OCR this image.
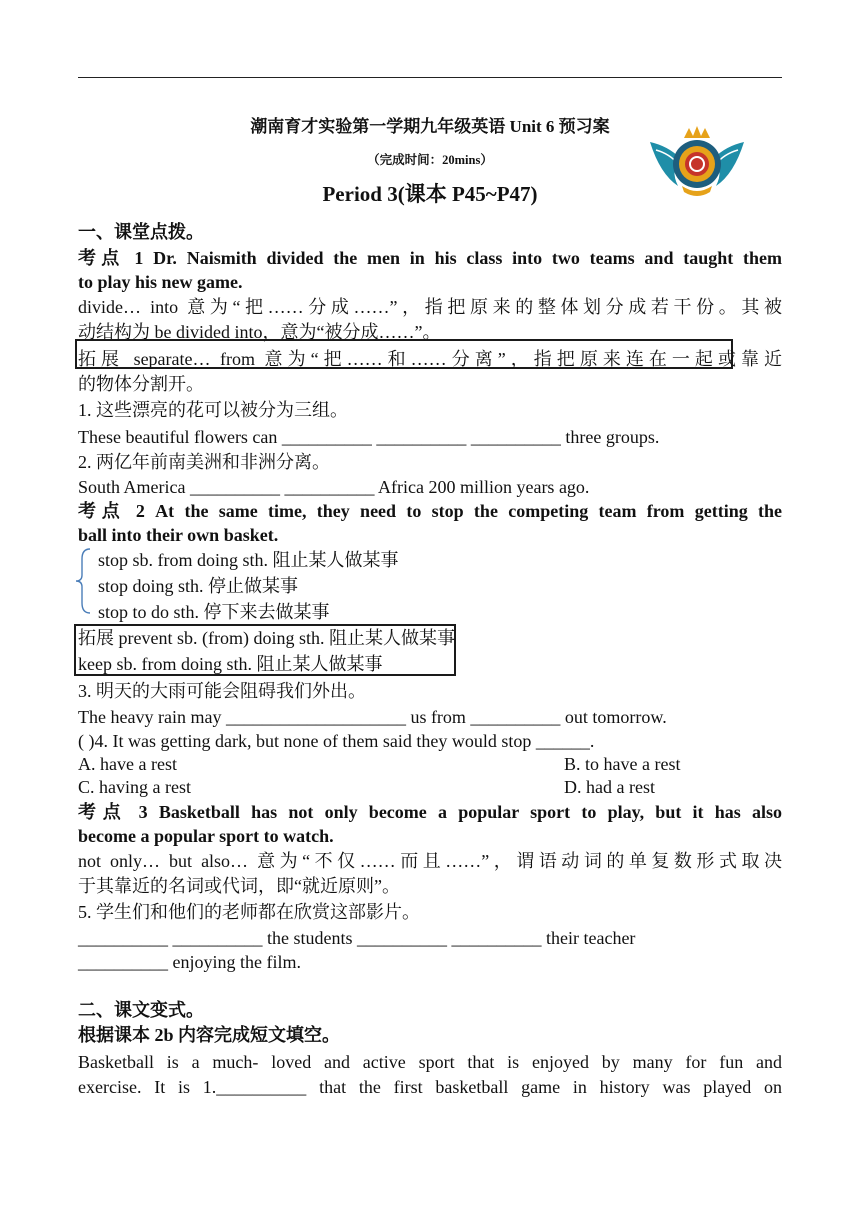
潮南育才实验第一学期九年级英语 Unit 6 预习案
（完成时间：20mins）
Period 3(课本 P45~P47)
一、课堂点拨。
考点 1 Dr. Naismith divided the men in his class into two teams and taught them
to play his new game.
divide… into 意为“把……分成……”，指把原来的整体划分成若干份。其被
动结构为 be divided into，意为“被分成……”。
拓展 separate… from 意为“把……和……分离”，指把原来连在一起或靠近
的物体分割开。
1. 这些漂亮的花可以被分为三组。
These beautiful flowers can __________ __________ __________ three groups.
2. 两亿年前南美洲和非洲分离。
South America __________ __________ Africa 200 million years ago.
考点 2 At the same time, they need to stop the competing team from getting the
ball into their own basket.
stop sb. from doing sth. 阻止某人做某事
stop doing sth. 停止做某事
stop to do sth. 停下来去做某事
拓展 prevent sb. (from) doing sth. 阻止某人做某事
keep sb. from doing sth. 阻止某人做某事
3. 明天的大雨可能会阻碍我们外出。
The heavy rain may ____________________ us from __________ out tomorrow.
( )4. It was getting dark, but none of them said they would stop ______.
A. have a rest	B. to have a rest
C. having a rest	D. had a rest
考点 3 Basketball has not only become a popular sport to play, but it has also
become a popular sport to watch.
not only… but also… 意为“不仅……而且……”，谓语动词的单复数形式取决
于其靠近的名词或代词，即“就近原则”。
5. 学生们和他们的老师都在欣赏这部影片。
__________ __________ the students __________ __________ their teacher
__________ enjoying the film.
二、课文变式。
根据课本 2b 内容完成短文填空。
Basketball is a much- loved and active sport that is enjoyed by many for fun and
exercise. It is 1.__________ that the first basketball game in history was played on
